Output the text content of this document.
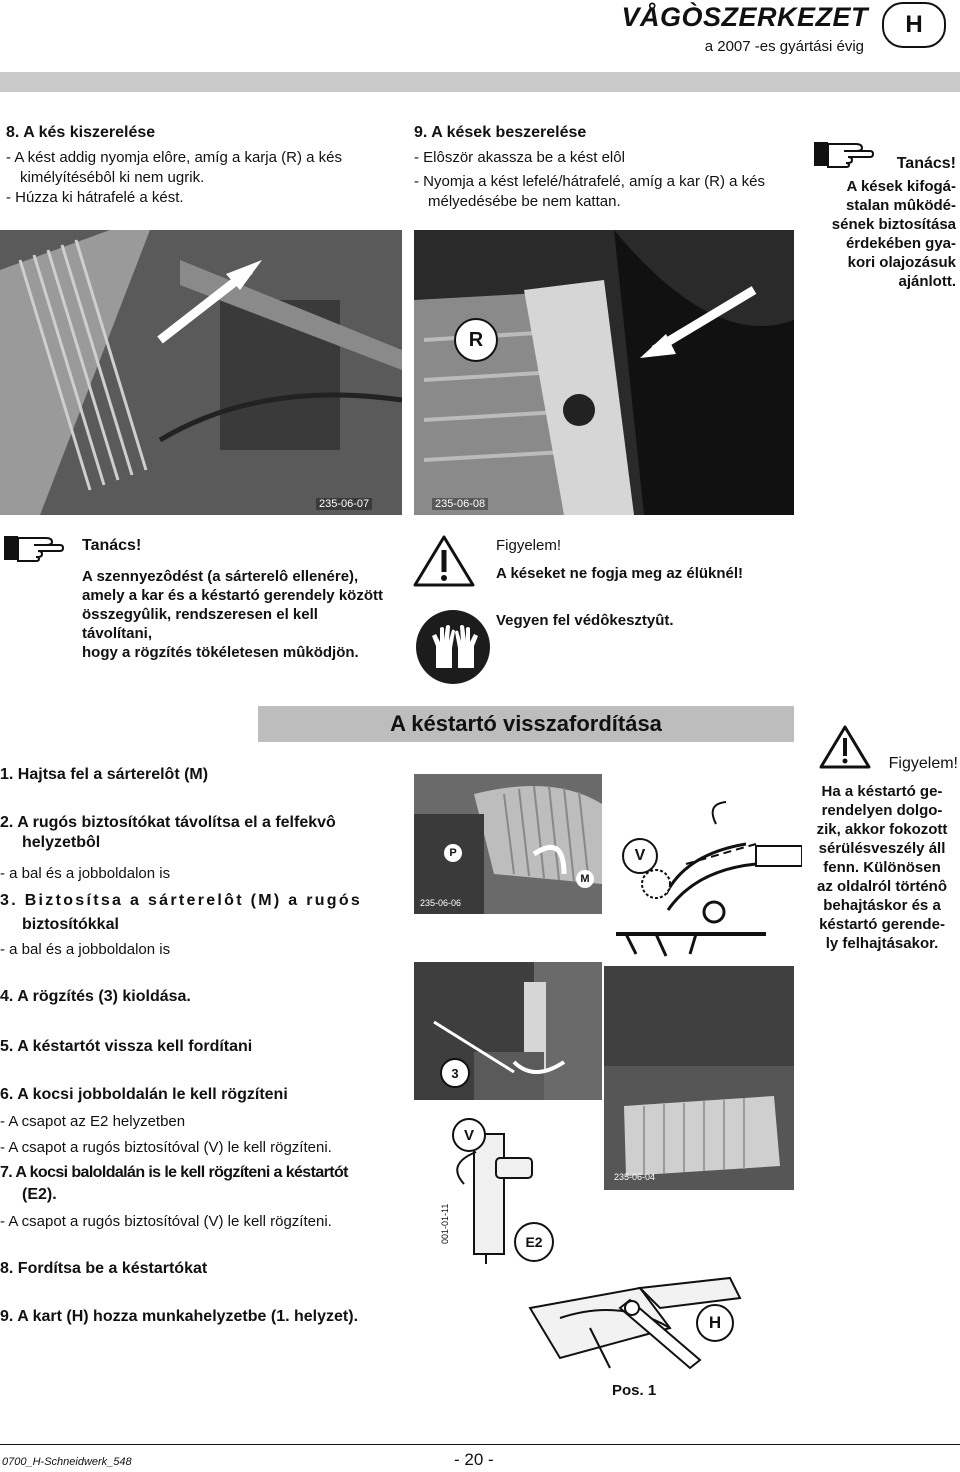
VÅGÒSZERKEZET
a 2007 -es gyártási évig
H
8. A kés kiszerelése
- A kést addig nyomja elôre, amíg a karja (R) a kés
kimélyítésébôl ki nem ugrik.
- Húzza ki hátrafelé a kést.
9. A kések beszerelése
- Elôször akassza be a kést elôl
- Nyomja a kést lefelé/hátrafelé, amíg a kar (R) a kés
mélyedésébe be nem kattan.
Tanács!
A kések kifogá-
stalan mûködé-
sének biztosítása
érdekében gya-
kori olajozásuk
ajánlott.
235-06-07
R
235-06-08
Tanács!
A szennyezôdést (a sárterelô ellenére),
amely a kar és a késtartó gerendely között
összegyûlik, rendszeresen el kell távolítani,
hogy a rögzítés tökéletesen mûködjön.
Figyelem!
A késeket ne fogja meg az élüknél!
Vegyen fel védôkesztyût.
A késtartó visszafordítása
1. Hajtsa fel a sárterelôt (M)
2. A rugós biztosítókat távolítsa el a felfekvô
helyzetbôl
- a bal és a jobboldalon is
3. Biztosítsa a sárterelôt (M) a rugós
biztosítókkal
- a bal és a jobboldalon is
4. A rögzítés (3) kioldása.
5. A késtartót vissza kell fordítani
6. A kocsi jobboldalán le kell rögzíteni
- A csapot az E2 helyzetben
- A csapot a rugós biztosítóval (V) le kell rögzíteni.
7. A kocsi baloldalán is le kell rögzíteni a késtartót
(E2).
- A csapot a rugós biztosítóval (V) le kell rögzíteni.
8. Fordítsa be a késtartókat
9. A kart (H) hozza munkahelyzetbe (1. helyzet).
Figyelem!
Ha a késtartó ge-
rendelyen dolgo-
zik, akkor fokozott
sérülésveszély áll
fenn. Különösen
az oldalról történô
behajtáskor és a
késtartó gerende-
ly felhajtásakor.
P
M
235-06-06
V
3
235-06-04
V
E2
001-01-11
H
Pos. 1
0700_H-Schneidwerk_548	- 20 -
